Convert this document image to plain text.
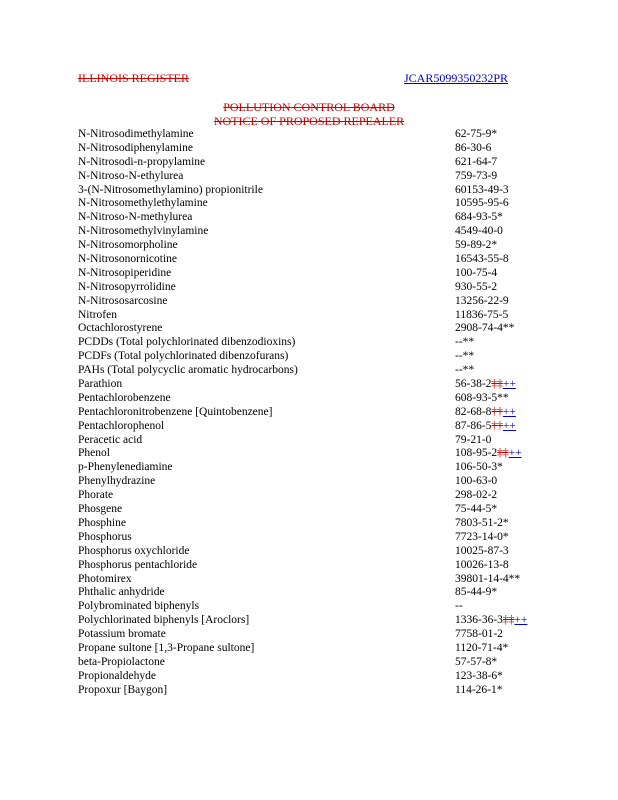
ILLINOIS REGISTER	JCAR5099350232PR
POLLUTION CONTROL BOARD
NOTICE OF PROPOSED REPEALER
N-Nitrosodimethylamine	62-75-9*
N-Nitrosodiphenylamine	86-30-6
N-Nitrosodi-n-propylamine	621-64-7
N-Nitroso-N-ethylurea	759-73-9
3-(N-Nitrosomethylamino) propionitrile	60153-49-3
N-Nitrosomethylethylamine	10595-95-6
N-Nitroso-N-methylurea	684-93-5*
N-Nitrosomethylvinylamine	4549-40-0
N-Nitrosomorpholine	59-89-2*
N-Nitrosonornicotine	16543-55-8
N-Nitrosopiperidine	100-75-4
N-Nitrosopyrrolidine	930-55-2
N-Nitrososarcosine	13256-22-9
Nitrofen	11836-75-5
Octachlorostyrene	2908-74-4**
PCDDs (Total polychlorinated dibenzodioxins)	--**
PCDFs (Total polychlorinated dibenzofurans)	--**
PAHs (Total polycyclic aromatic hydrocarbons)	--**
Parathion	56-38-2‡‡++
Pentachlorobenzene	608-93-5**
Pentachloronitrobenzene [Quintobenzene]	82-68-8††++
Pentachlorophenol	87-86-5††++
Peracetic acid	79-21-0
Phenol	108-95-2‡‡++
p-Phenylenediamine	106-50-3*
Phenylhydrazine	100-63-0
Phorate	298-02-2
Phosgene	75-44-5*
Phosphine	7803-51-2*
Phosphorus	7723-14-0*
Phosphorus oxychloride	10025-87-3
Phosphorus pentachloride	10026-13-8
Photomirex	39801-14-4**
Phthalic anhydride	85-44-9*
Polybrominated biphenyls	--
Polychlorinated biphenyls [Aroclors]	1336-36-3‡‡++
Potassium bromate	7758-01-2
Propane sultone [1,3-Propane sultone]	1120-71-4*
beta-Propiolactone	57-57-8*
Propionaldehyde	123-38-6*
Propoxur [Baygon]	114-26-1*
